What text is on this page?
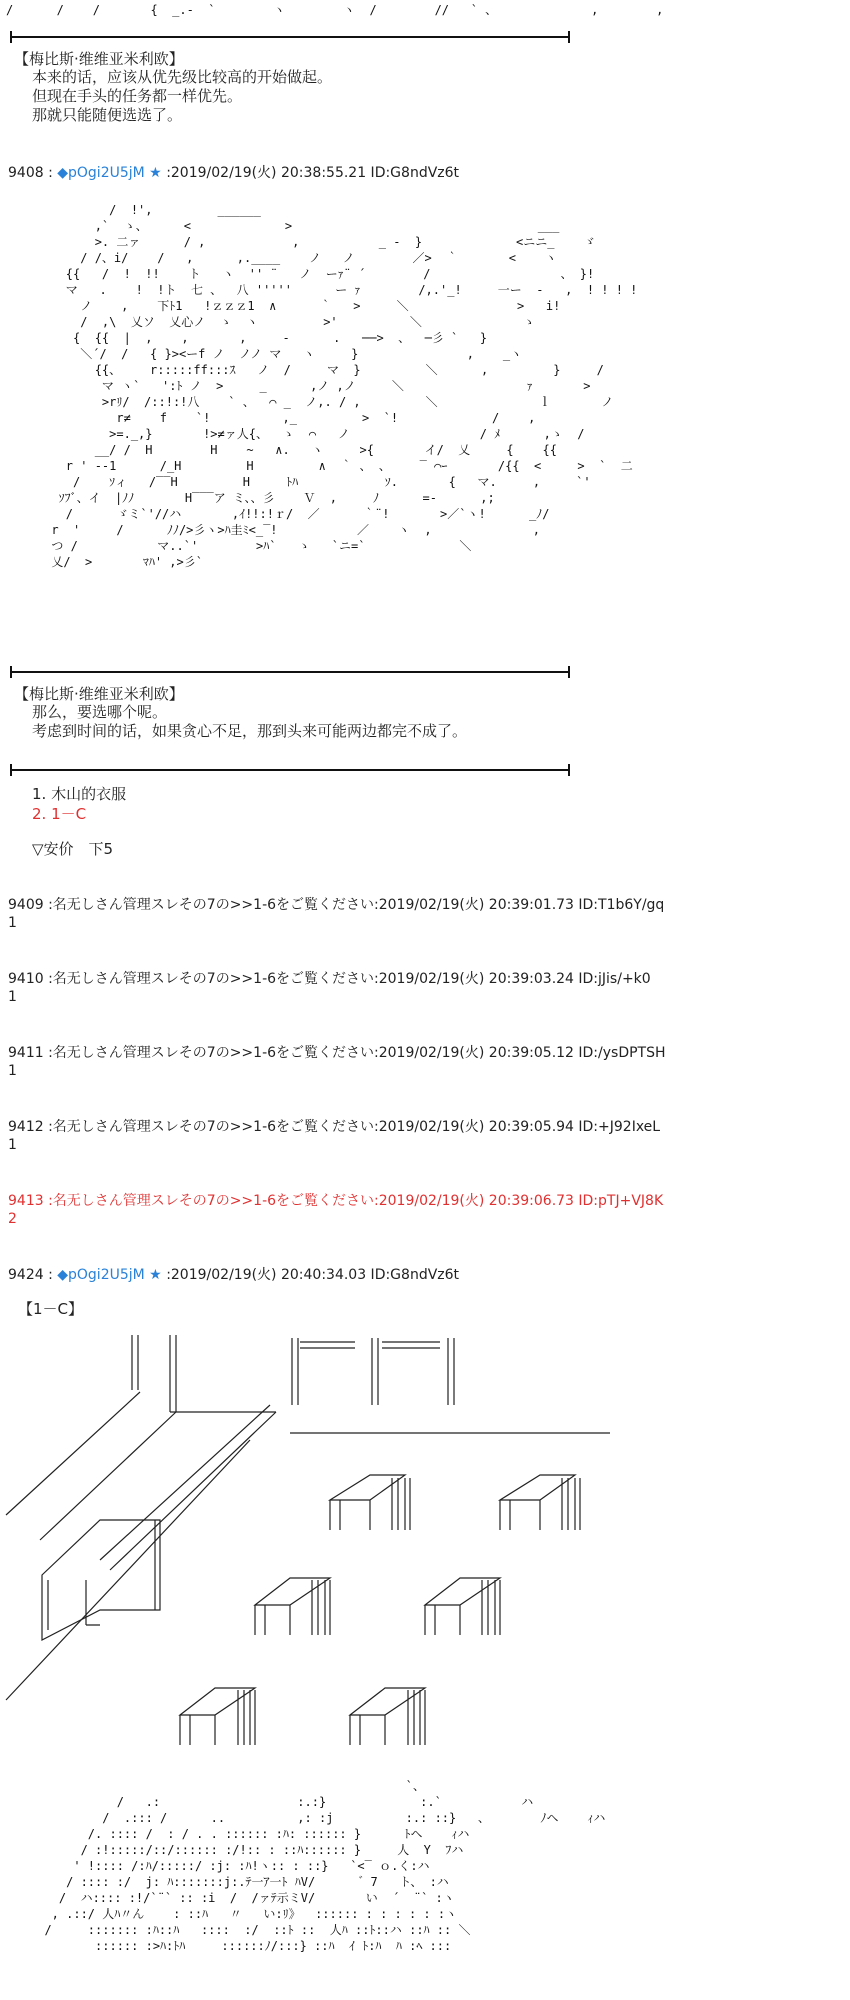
/      /    /       {  _.-  `        ヽ        ヽ  /        //   ` 、             ,        ,
【梅比斯·维维亚米利欧】
本来的话，应该从优先级比较高的开始做起。
但现在手头的任务都一样优先。
那就只能随便选选了。
9408 : ◆pOgi2U5jM ★ :2019/02/19(火) 20:38:55.21 ID:G8ndVz6t
/  !',         ______
,`  ゝ、     <             >                                  ___
>. 二ァ      / ,            ,           _ -  }             <ニニ_    ゞ
/ /、i/    /   ,      ,.____    ノ   ノ        ／>  ｀       <    ヽ
{{   /  !  !!    ト   ヽ  '' ¨   ノ  ーｧ¨ ´        /                  、 }!
マ   .    !  !ト  七 、  八 '''''      ー ｧ        /,.'_!     一ー  -   ,  ! ! ! !
ノ    ,    下ﾄ1   !ｚｚｚ1  ∧      ｀   >     ＼               >   i!
/  ,\  乂ソ  乂心ノ  ゝ  ヽ         >'          ＼              ゝ
{  {{  |  ,    ,       ,     ‐      .   ──>  、  ─彡 `   }
＼´/  /   { }><ーf ノ  ノノ マ   ヽ     }               ,    _ヽ
{{、    r:::::ff:::ｽ   ノ  /     マ  }         ＼      ,         }     /
マ ヽ`   ':ﾄ ノ  >     _      ,ノ ,ノ     ＼                 ｧ       >
>rﾘ/  /::!:!八    ` 、  ⌒ _  ノ,. / ,         ＼              ｌ       ノ
r≠    f    `!          ,_         >  `!             /    ,
>=._,}       !>≠ァ人{、  ゝ  ⌒   ノ                  / ﾒ      ,ゝ  /
__/ /  H        H    ~   ∧.   ヽ     >{       イ/  乂     {    {{
r ' -‐1      /_H         H         ∧  ｀ 、 、    ‾ ⌒ｰ       /{{  <     >  `  二
/    ｿィ   /‾‾H         H     ﾄﾊ            ｿ.       {   マ.     ,     `'
ｿﾌﾞ、イ  |ﾉﾉ       H‾‾‾ア ミ、、彡    Ｖ  ,     ﾉ      =-      ,;
/      ゞミ`'//ハ       ,ｲ!!:!ｒ/  ／      ｀¨!       >／`ヽ!      _ﾉ/
r  '     /      ﾉﾉ/>彡ヽ>ﾊ圭ﾐ<_‾!           ／    ヽ  ,              ,
つ /           マ..`'        >ﾊ`   ゝ   `ニ=`             ＼
乂/  >       ﾏﾊ' ,>彡`
【梅比斯·维维亚米利欧】
那么，要选哪个呢。
考虑到时间的话，如果贪心不足，那到头来可能两边都完不成了。
1. 木山的衣服
2. 1－C
▽安价　下5
9409 :名无しさん管理スレその7の>>1-6をご覧ください:2019/02/19(火) 20:39:01.73 ID:T1b6Y/gq
1
9410 :名无しさん管理スレその7の>>1-6をご覧ください:2019/02/19(火) 20:39:03.24 ID:jJis/+k0
1
9411 :名无しさん管理スレその7の>>1-6をご覧ください:2019/02/19(火) 20:39:05.12 ID:/ysDPTSH
1
9412 :名无しさん管理スレその7の>>1-6をご覧ください:2019/02/19(火) 20:39:05.94 ID:+J92IxeL
1
9413 :名无しさん管理スレその7の>>1-6をご覧ください:2019/02/19(火) 20:39:06.73 ID:pTJ+VJ8K
2
9424 : ◆pOgi2U5jM ★ :2019/02/19(火) 20:40:34.03 ID:G8ndVz6t
【1－C】
`、
/   .:                   :.:}             :.`           ハ
/  .::: /      ..          ,: :j          :.: ::}   、       ﾉヘ    ｨハ
/. :::: /  : / . . :::::: :ﾊ: :::::: }      ﾄヘ    ｨハ
/ :!:::::/::/:::::: :/!:: : ::ﾊ:::::: }     人  Y  ﾌハ
' !:::: /:ﾊ/:::::/ :j: :ﾊ!ヽ:: : ::}   `<‾ ｏ.く:ハ
/ :::: :/  j: ﾊ:::::::j:.ﾃ一ｱ一ﾄ ﾊV/      ゛7   ト、 :ハ
/  ハ:::: :!/`¨` :: :i  /  /ァﾃ示ミV/       い  ´  ¨` :ヽ
, .::/ 人ﾊ〃ん    : ::ﾊ   〃   い:ﾘ》  :::::: : : : : : :ヽ
/     ::::::: :ﾊ::ﾊ   ::::  :/  ::ﾄ ::  人ﾊ ::ﾄ::ハ ::ﾊ :: ＼
:::::: :>ﾊ:ﾄﾊ     ::::::ﾉ/:::} ::ﾊ  ｲ ﾄ:ﾊ  ﾊ :ﾍ :::
